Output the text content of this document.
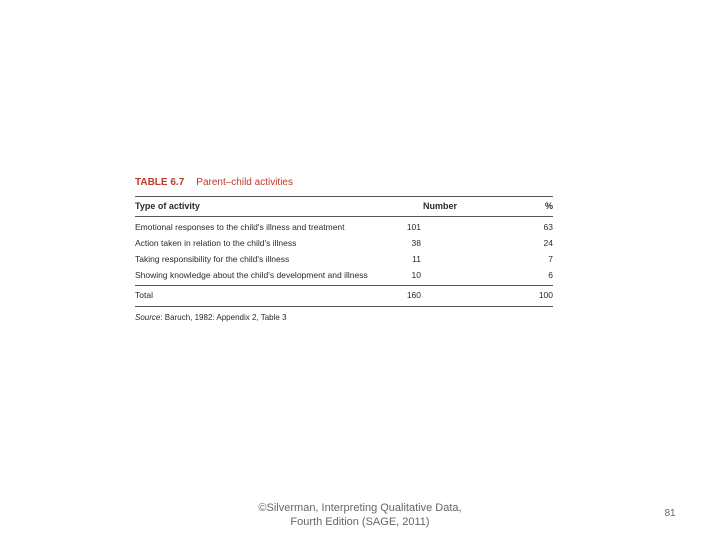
TABLE 6.7 Parent–child activities
Type of activity	Number	%
Emotional responses to the child's illness and treatment	101	63
Action taken in relation to the child's illness	38	24
Taking responsibility for the child's illness	11	7
Showing knowledge about the child's development and illness	10	6
Total	160	100
Source: Baruch, 1982: Appendix 2, Table 3
©Silverman, Interpreting Qualitative Data,
Fourth Edition (SAGE, 2011)
81
